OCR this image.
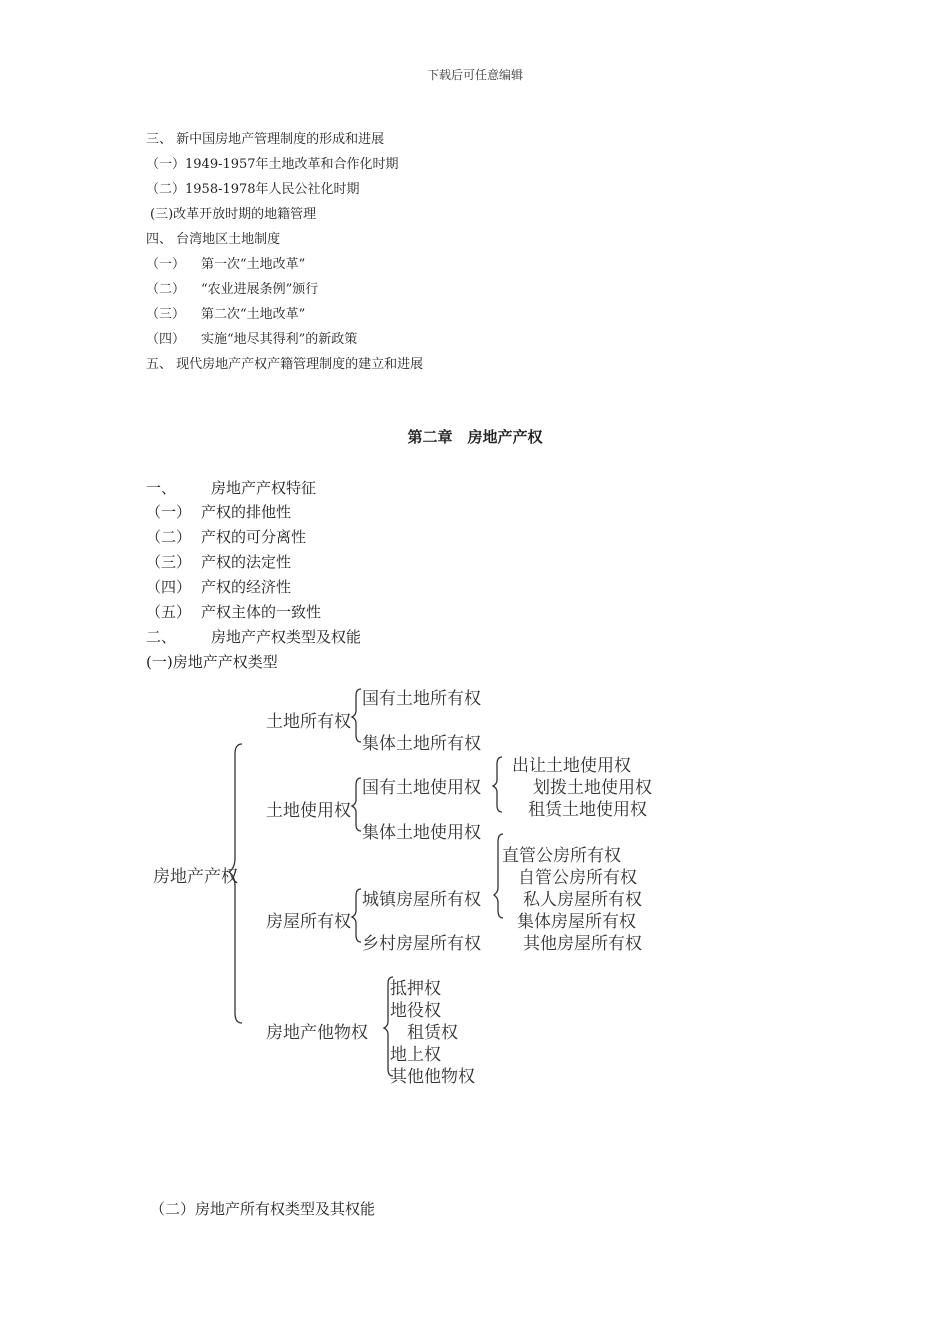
下载后可任意编辑
三、 新中国房地产管理制度的形成和进展
（一）1949-1957年土地改革和合作化时期
（二）1958-1978年人民公社化时期
(三)改革开放时期的地籍管理
四、 台湾地区土地制度
（一） 第一次“土地改革”
（二） “农业进展条例”颁行
（三） 第二次“土地改革”
（四） 实施“地尽其得利”的新政策
五、 现代房地产产权产籍管理制度的建立和进展
第二章　房地产产权
一、 房地产产权特征
（一） 产权的排他性
（二） 产权的可分离性
（三） 产权的法定性
（四） 产权的经济性
（五） 产权主体的一致性
二、 房地产产权类型及权能
(一)房地产产权类型
房地产产权
土地所有权
国有土地所有权
集体土地所有权
土地使用权
国有土地使用权
集体土地使用权
出让土地使用权
划拨土地使用权
租赁土地使用权
房屋所有权
城镇房屋所有权
乡村房屋所有权
直管公房所有权
自管公房所有权
私人房屋所有权
集体房屋所有权
其他房屋所有权
房地产他物权
抵押权
地役权
租赁权
地上权
其他他物权
（二）房地产所有权类型及其权能
